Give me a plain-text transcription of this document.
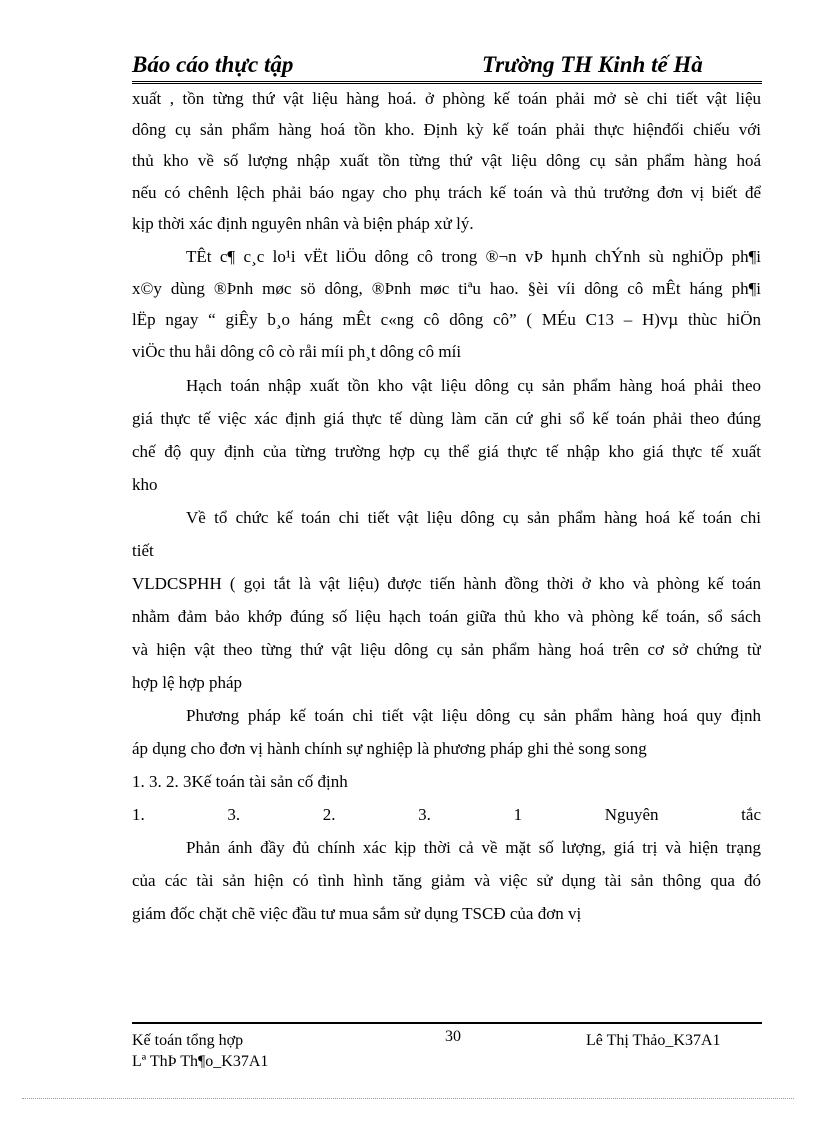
Báo cáo thực tập	Trường TH Kinh tế Hà
xuất , tồn từng thứ vật liệu hàng hoá. ở phòng kế toán phải mở sè chi tiết vật liệu
dông cụ sản phẩm hàng hoá tồn kho. Định kỳ kế toán phải thực hiệnđối chiếu với
thủ kho về số lượng nhập xuất tồn từng thứ vật liệu dông cụ sản phẩm hàng hoá
nếu có chênh lệch phải báo ngay cho phụ trách kế toán và thủ trưởng đơn vị biết để
kịp thời xác định nguyên nhân và biện pháp xử lý.
TÊt c¶ c¸c lo¹i vËt liÖu dông cô trong ®¬n vÞ hµnh chÝnh sù nghiÖp ph¶i
x©y dùng ®Þnh møc sö dông, ®Þnh møc tiªu hao. §èi víi dông cô mÊt háng ph¶i
lËp ngay “ giÊy b¸o háng mÊt c«ng cô dông cô” ( MÉu C13 – H)vµ thùc hiÖn
viÖc thu håi dông cô cò råi míi ph¸t dông cô míi
Hạch toán nhập xuất tồn kho vật liệu dông cụ sản phẩm hàng hoá phải theo
giá thực tế việc xác định giá thực tế dùng làm căn cứ ghi sổ kế toán phải theo đúng
chế độ quy định của từng trường hợp cụ thể giá thực tế nhập kho giá thực tế xuất
kho
Về tổ chức kế toán chi tiết vật liệu dông cụ sản phẩm hàng hoá kế toán chi
tiết
VLDCSPHH ( gọi tắt là vật liệu) được tiến hành đồng thời ở kho và phòng kế toán
nhằm đảm bảo khớp đúng số liệu hạch toán giữa thủ kho và phòng kế toán, sổ sách
và hiện vật theo từng thứ vật liệu dông cụ sản phẩm hàng hoá trên cơ sở chứng từ
hợp lệ hợp pháp
Phương pháp kế toán chi tiết vật liệu dông cụ sản phẩm hàng hoá quy định
áp dụng cho đơn vị hành chính sự nghiệp là phương pháp ghi thẻ song song
1. 3. 2. 3Kế toán tài sản cố định
1. 3. 2. 3. 1 Nguyên tắc
Phản ánh đầy đủ chính xác kịp thời cả về mặt số lượng, giá trị và hiện trạng
của các tài sản hiện có tình hình tăng giảm và việc sử dụng tài sản thông qua đó
giám đốc chặt chẽ việc đầu tư mua sắm sử dụng TSCĐ của đơn vị
Kế toán tổng hợp
Lª ThÞ Th¶o_K37A1
30	Lê Thị Thảo_K37A1
